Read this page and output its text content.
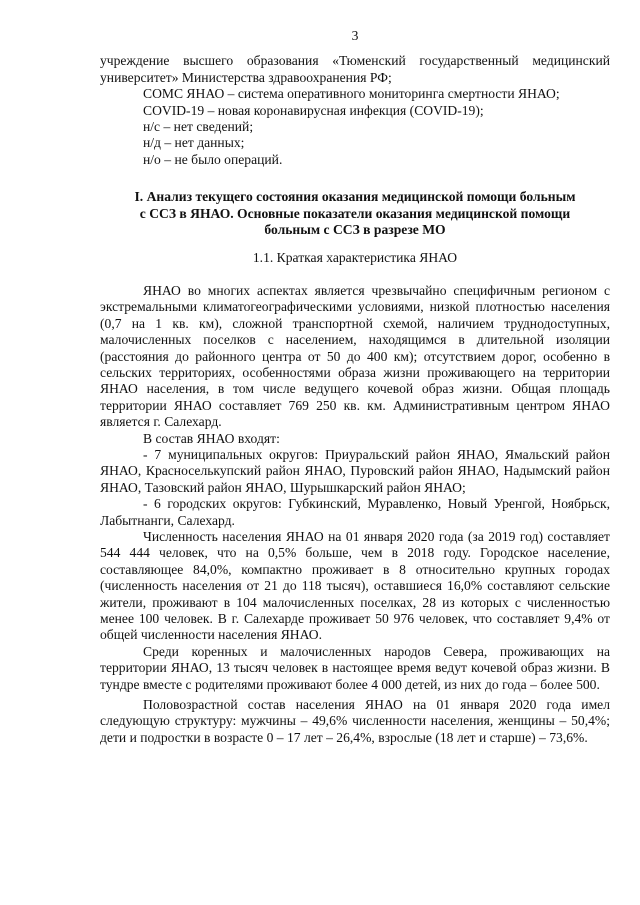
3

учреждение высшего образования «Тюменский государственный медицинский университет» Министерства здравоохранения РФ;

СОМС ЯНАО – система оперативного мониторинга смертности ЯНАО;

COVID-19 – новая коронавирусная инфекция (COVID-19);

н/с – нет сведений;

н/д – нет данных;

н/о – не было операций.

I. Анализ текущего состояния оказания медицинской помощи больным
с ССЗ в ЯНАО. Основные показатели оказания медицинской помощи
больным с ССЗ в разрезе МО
1.1. Краткая характеристика ЯНАО

ЯНАО во многих аспектах является чрезвычайно специфичным регионом с экстремальными климатогеографическими условиями, низкой плотностью населения (0,7 на 1 кв. км), сложной транспортной схемой, наличием труднодоступных, малочисленных поселков с населением, находящимся в длительной изоляции (расстояния до районного центра от 50 до 400 км); отсутствием дорог, особенно в сельских территориях, особенностями образа жизни проживающего на территории ЯНАО населения, в том числе ведущего кочевой образ жизни. Общая площадь территории ЯНАО составляет 769 250 кв. км. Административным центром ЯНАО является г. Салехард.

В состав ЯНАО входят:

- 7 муниципальных округов: Приуральский район ЯНАО, Ямальский район ЯНАО, Красноселькупский район ЯНАО, Пуровский район ЯНАО, Надымский район ЯНАО, Тазовский район ЯНАО, Шурышкарский район ЯНАО;

- 6 городских округов: Губкинский, Муравленко, Новый Уренгой, Ноябрьск, Лабытнанги, Салехард.

Численность населения ЯНАО на 01 января 2020 года (за 2019 год) составляет 544 444 человек, что на 0,5% больше, чем в 2018 году. Городское население, составляющее 84,0%, компактно проживает в 8 относительно крупных городах (численность населения от 21 до 118 тысяч), оставшиеся 16,0% составляют сельские жители, проживают в 104 малочисленных поселках, 28 из которых с численностью менее 100 человек. В г. Салехарде проживает 50 976 человек, что составляет 9,4% от общей численности населения ЯНАО.

Среди коренных и малочисленных народов Севера, проживающих на территории ЯНАО, 13 тысяч человек в настоящее время ведут кочевой образ жизни. В тундре вместе с родителями проживают более 4 000 детей, из них до года – более 500.

Половозрастной состав населения ЯНАО на 01 января 2020 года имел следующую структуру: мужчины – 49,6% численности населения, женщины – 50,4%; дети и подростки в возрасте 0 – 17 лет – 26,4%, взрослые (18 лет и старше) – 73,6%.
